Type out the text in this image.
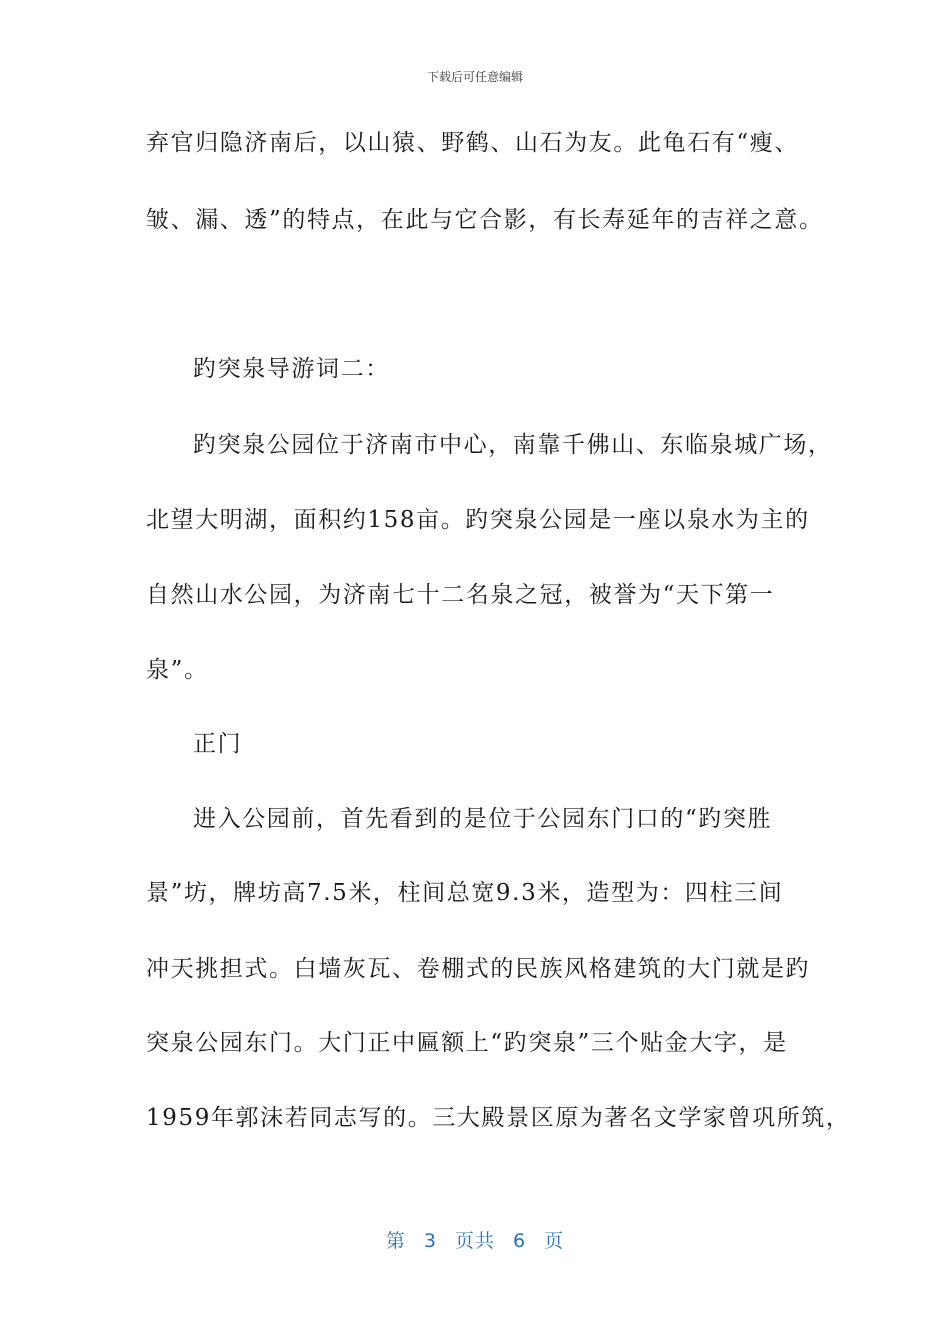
下载后可任意编辑
弃官归隐济南后，以山猿、野鹤、山石为友。此龟石有“瘦、
皱、漏、透”的特点，在此与它合影，有长寿延年的吉祥之意。
趵突泉导游词二：
趵突泉公园位于济南市中心，南靠千佛山、东临泉城广场，
北望大明湖，面积约158亩。趵突泉公园是一座以泉水为主的
自然山水公园，为济南七十二名泉之冠，被誉为“天下第一
泉”。
正门
进入公园前，首先看到的是位于公园东门口的“趵突胜
景”坊，牌坊高7.5米，柱间总宽9.3米，造型为：四柱三间
冲天挑担式。白墙灰瓦、卷棚式的民族风格建筑的大门就是趵
突泉公园东门。大门正中匾额上“趵突泉”三个贴金大字，是
1959年郭沫若同志写的。三大殿景区原为著名文学家曾巩所筑，
第 3 页共 6 页
